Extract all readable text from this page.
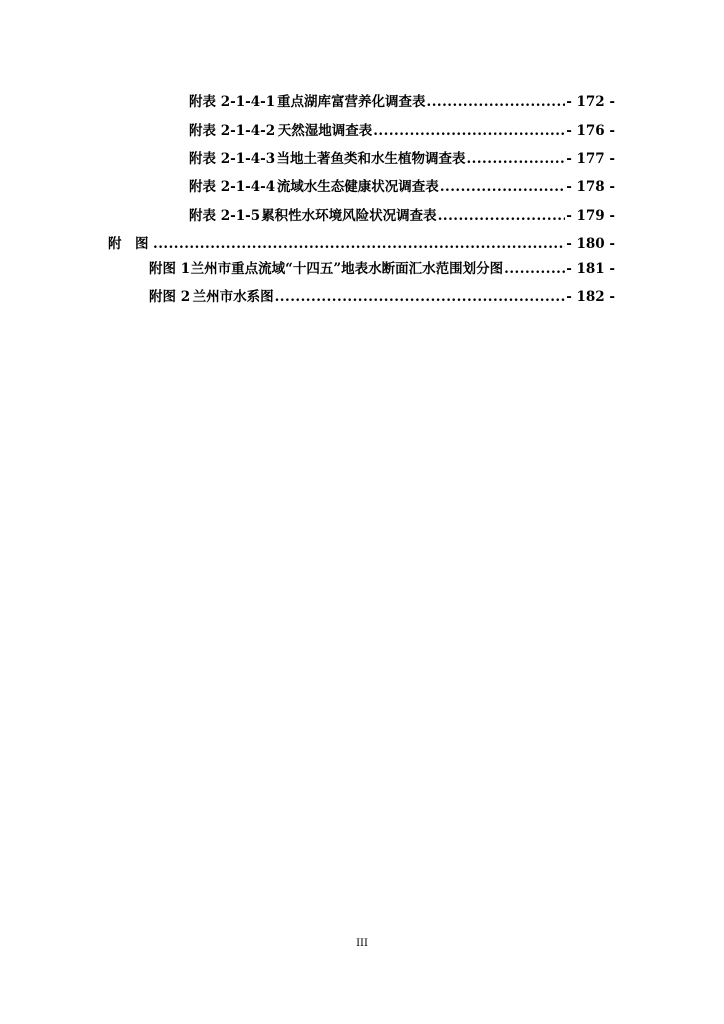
附表 2-1-4-1 重点湖库富营养化调查表 .....	- 172 -
附表 2-1-4-2 天然湿地调查表 .....	- 176 -
附表 2-1-4-3 当地土著鱼类和水生植物调查表 .....	- 177 -
附表 2-1-4-4 流域水生态健康状况调查表 .....	- 178 -
附表 2-1-5 累积性水环境风险状况调查表 .....	- 179 -
附　图 .....	- 180 -
附图 1 兰州市重点流域“十四五”地表水断面汇水范围划分图 .....	- 181 -
附图 2 兰州市水系图 .....	- 182 -
III
